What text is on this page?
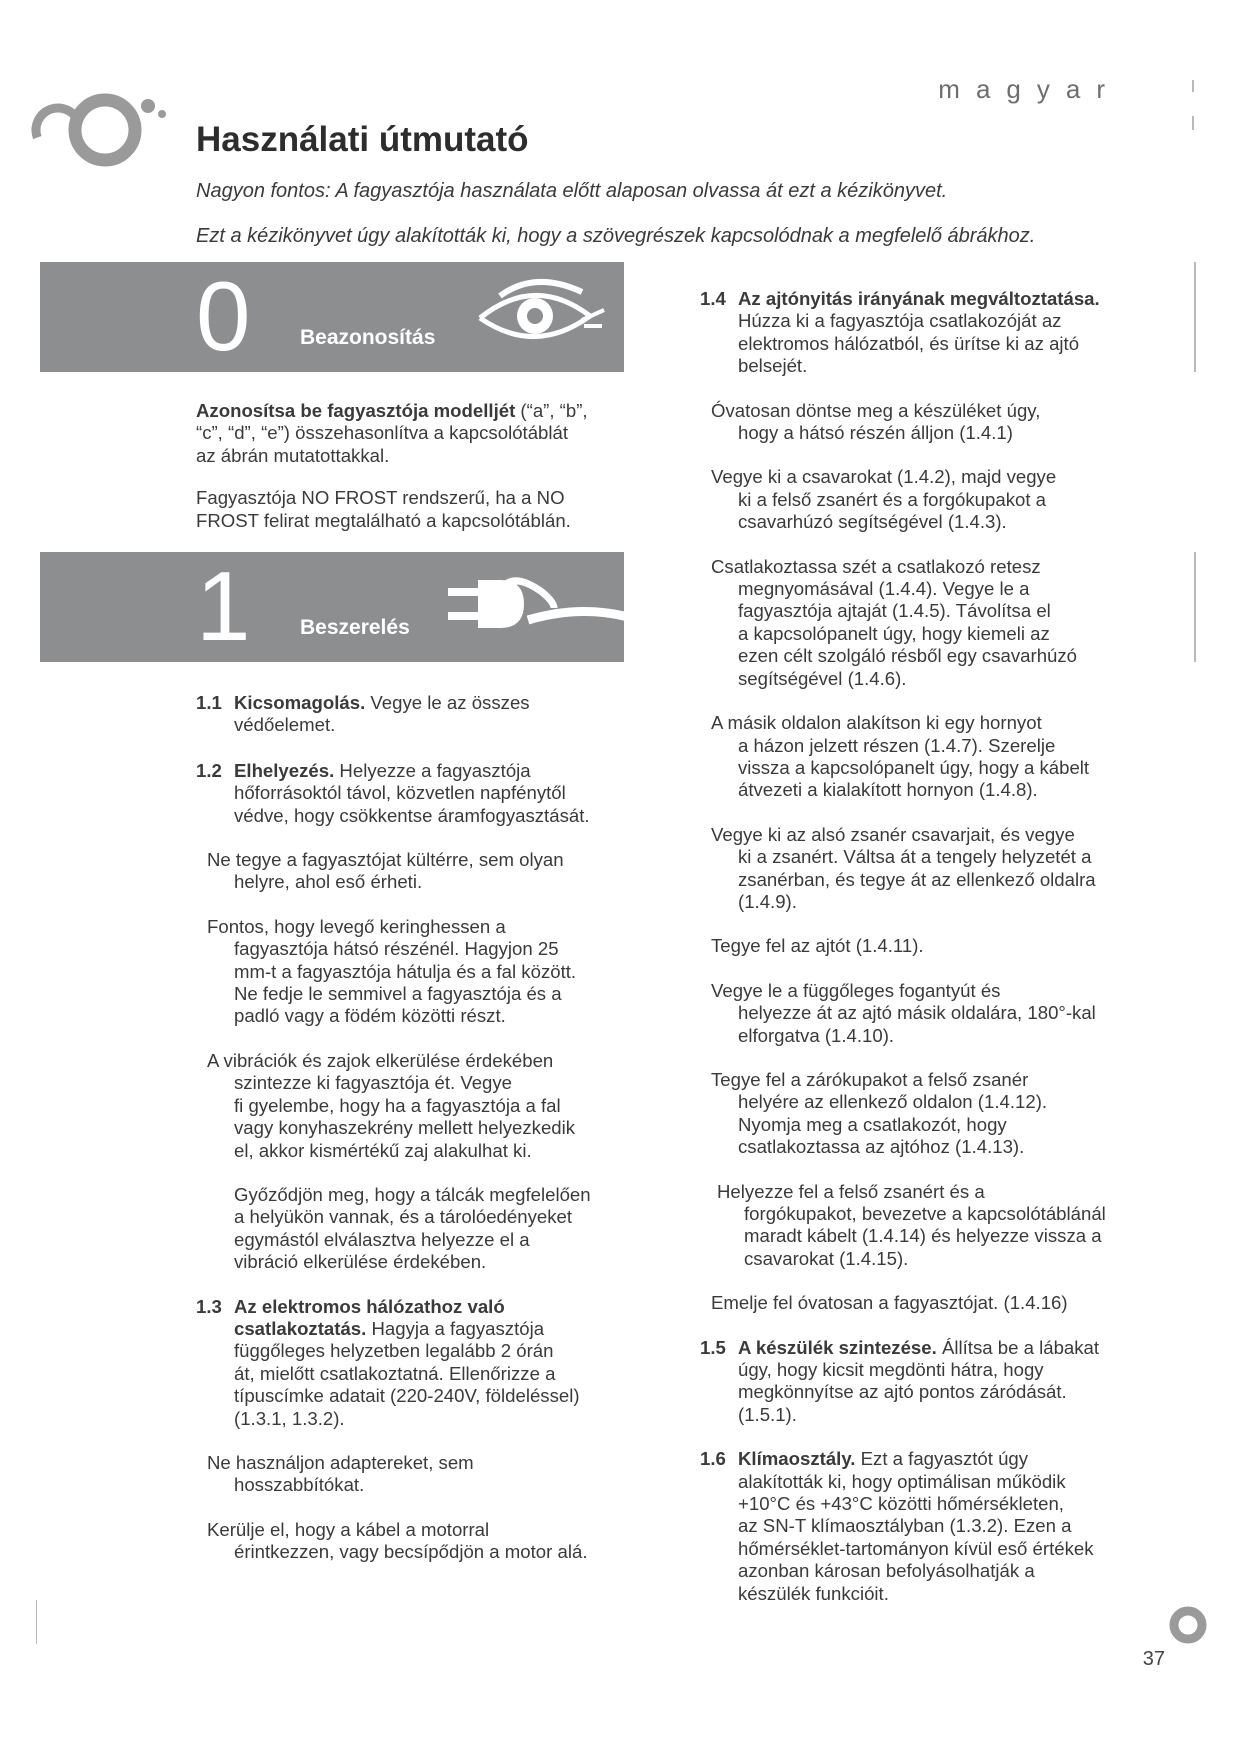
magyar
Használati útmutató
Nagyon fontos: A fagyasztója használata előtt alaposan olvassa át ezt a kézikönyvet.
Ezt a kézikönyvet úgy alakították ki, hogy a szövegrészek kapcsolódnak a megfelelő ábrákhoz.
0 Beazonosítás

Azonosítsa be fagyasztója modelljét (“a”, “b”,
“c”, “d”, “e”) összehasonlítva a kapcsolótáblát
az ábrán mutatottakkal.

Fagyasztója NO FROST rendszerű, ha a NO
FROST felirat megtalálható a kapcsolótáblán.

1 Beszerelés
1.1 Kicsomagolás. Vegye le az összes
védőelemet.
1.2 Elhelyezés. Helyezze a fagyasztója
hőforrásoktól távol, közvetlen napfénytől
védve, hogy csökkentse áramfogyasztását.

Ne tegye a fagyasztójat kültérre, sem olyan
helyre, ahol eső érheti.

Fontos, hogy levegő keringhessen a
fagyasztója hátsó részénél. Hagyjon 25
mm-t a fagyasztója hátulja és a fal között.
Ne fedje le semmivel a fagyasztója és a
padló vagy a födém közötti részt.

A vibrációk és zajok elkerülése érdekében
szintezze ki fagyasztója ét. Vegye
fi gyelembe, hogy ha a fagyasztója a fal
vagy konyhaszekrény mellett helyezkedik
el, akkor kismértékű zaj alakulhat ki.

Győződjön meg, hogy a tálcák megfelelően
a helyükön vannak, és a tárolóedényeket
egymástól elválasztva helyezze el a
vibráció elkerülése érdekében.

1.3 Az elektromos hálózathoz való
csatlakoztatás. Hagyja a fagyasztója
függőleges helyzetben legalább 2 órán
át, mielőtt csatlakoztatná. Ellenőrizze a
típuscímke adatait (220-240V, földeléssel)
(1.3.1, 1.3.2).

Ne használjon adaptereket, sem
hosszabbítókat.

Kerülje el, hogy a kábel a motorral
érintkezzen, vagy becsípődjön a motor alá.

1.4 Az ajtónyitás irányának megváltoztatása.
Húzza ki a fagyasztója csatlakozóját az
elektromos hálózatból, és ürítse ki az ajtó
belsejét.

Óvatosan döntse meg a készüléket úgy,
hogy a hátsó részén álljon (1.4.1)

Vegye ki a csavarokat (1.4.2), majd vegye
ki a felső zsanért és a forgókupakot a
csavarhúzó segítségével (1.4.3).

Csatlakoztassa szét a csatlakozó retesz
megnyomásával (1.4.4). Vegye le a
fagyasztója ajtaját (1.4.5). Távolítsa el
a kapcsolópanelt úgy, hogy kiemeli az
ezen célt szolgáló résből egy csavarhúzó
segítségével (1.4.6).

A másik oldalon alakítson ki egy hornyot
a házon jelzett részen (1.4.7). Szerelje
vissza a kapcsolópanelt úgy, hogy a kábelt
átvezeti a kialakított hornyon (1.4.8).

Vegye ki az alsó zsanér csavarjait, és vegye
ki a zsanért. Váltsa át a tengely helyzetét a
zsanérban, és tegye át az ellenkező oldalra
(1.4.9).

Tegye fel az ajtót (1.4.11).

Vegye le a függőleges fogantyút és
helyezze át az ajtó másik oldalára, 180°-kal
elforgatva (1.4.10).

Tegye fel a zárókupakot a felső zsanér
helyére az ellenkező oldalon (1.4.12).
Nyomja meg a csatlakozót, hogy
csatlakoztassa az ajtóhoz (1.4.13).

Helyezze fel a felső zsanért és a
forgókupakot, bevezetve a kapcsolótáblánál
maradt kábelt (1.4.14) és helyezze vissza a
csavarokat (1.4.15).

Emelje fel óvatosan a fagyasztójat. (1.4.16)

1.5 A készülék szintezése. Állítsa be a lábakat
úgy, hogy kicsit megdönti hátra, hogy
megkönnyítse az ajtó pontos záródását.
(1.5.1).
1.6 Klímaosztály. Ezt a fagyasztót úgy
alakították ki, hogy optimálisan működik
+10°C és +43°C közötti hőmérsékleten,
az SN-T klímaosztályban (1.3.2). Ezen a
hőmérséklet-tartományon kívül eső értékek
azonban károsan befolyásolhatják a
készülék funkcióit.
37
